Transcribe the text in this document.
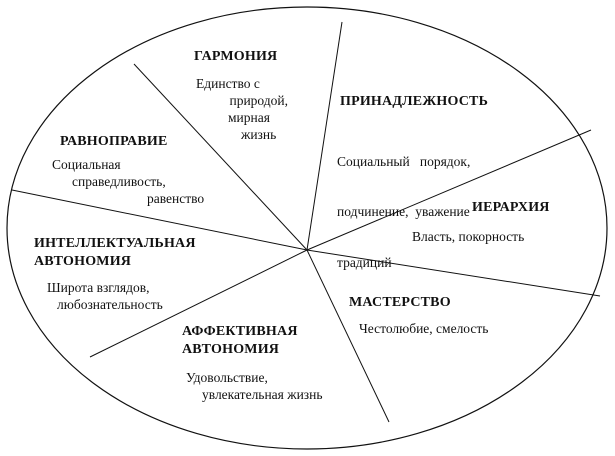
ГАРМОНИЯ
Единство с
природой,
мирная
жизнь
ПРИНАДЛЕЖНОСТЬ

Социальный   порядок,

подчинение,  уважение

традиций

ИЕРАРХИЯ
Власть, покорность
МАСТЕРСТВО
Честолюбие, смелость
АФФЕКТИВНАЯ
АВТОНОМИЯ
Удовольствие,
увлекательная жизнь
ИНТЕЛЛЕКТУАЛЬНАЯ
АВТОНОМИЯ
Широта взглядов,
любознательность
РАВНОПРАВИЕ
Социальная
справедливость,
равенство
